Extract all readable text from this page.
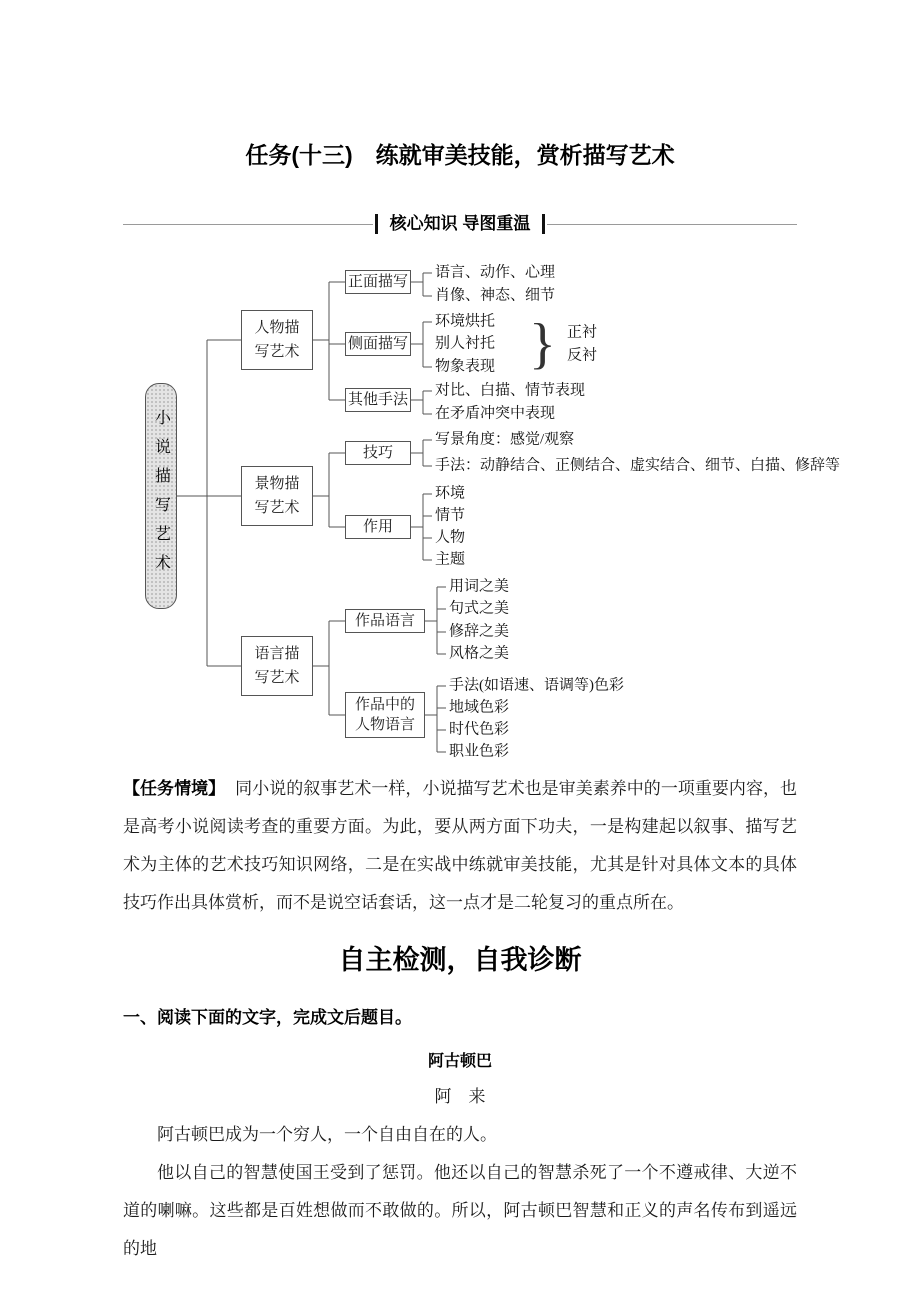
任务(十三)　练就审美技能，赏析描写艺术
核心知识 导图重温
小说描写艺术
人物描写艺术
景物描写艺术
语言描写艺术
正面描写
侧面描写
其他手法
技巧
作用
作品语言
作品中的人物语言
语言、动作、心理
肖像、神态、细节
环境烘托
别人衬托
物象表现 } 正衬
反衬
对比、白描、情节表现
在矛盾冲突中表现
写景角度：感觉/观察
手法：动静结合、正侧结合、虚实结合、细节、白描、修辞等
环境
情节
人物
主题
用词之美
句式之美
修辞之美
风格之美
手法(如语速、语调等)色彩
地域色彩
时代色彩
职业色彩

【任务情境】 同小说的叙事艺术一样，小说描写艺术也是审美素养中的一项重要内容，也是高考小说阅读考查的重要方面。为此，要从两方面下功夫，一是构建起以叙事、描写艺术为主体的艺术技巧知识网络，二是在实战中练就审美技能，尤其是针对具体文本的具体技巧作出具体赏析，而不是说空话套话，这一点才是二轮复习的重点所在。

自主检测，自我诊断

一、阅读下面的文字，完成文后题目。

阿古顿巴
阿　来

阿古顿巴成为一个穷人，一个自由自在的人。

他以自己的智慧使国王受到了惩罚。他还以自己的智慧杀死了一个不遵戒律、大逆不道的喇嘛。这些都是百姓想做而不敢做的。所以，阿古顿巴智慧和正义的声名传布到遥远的地
